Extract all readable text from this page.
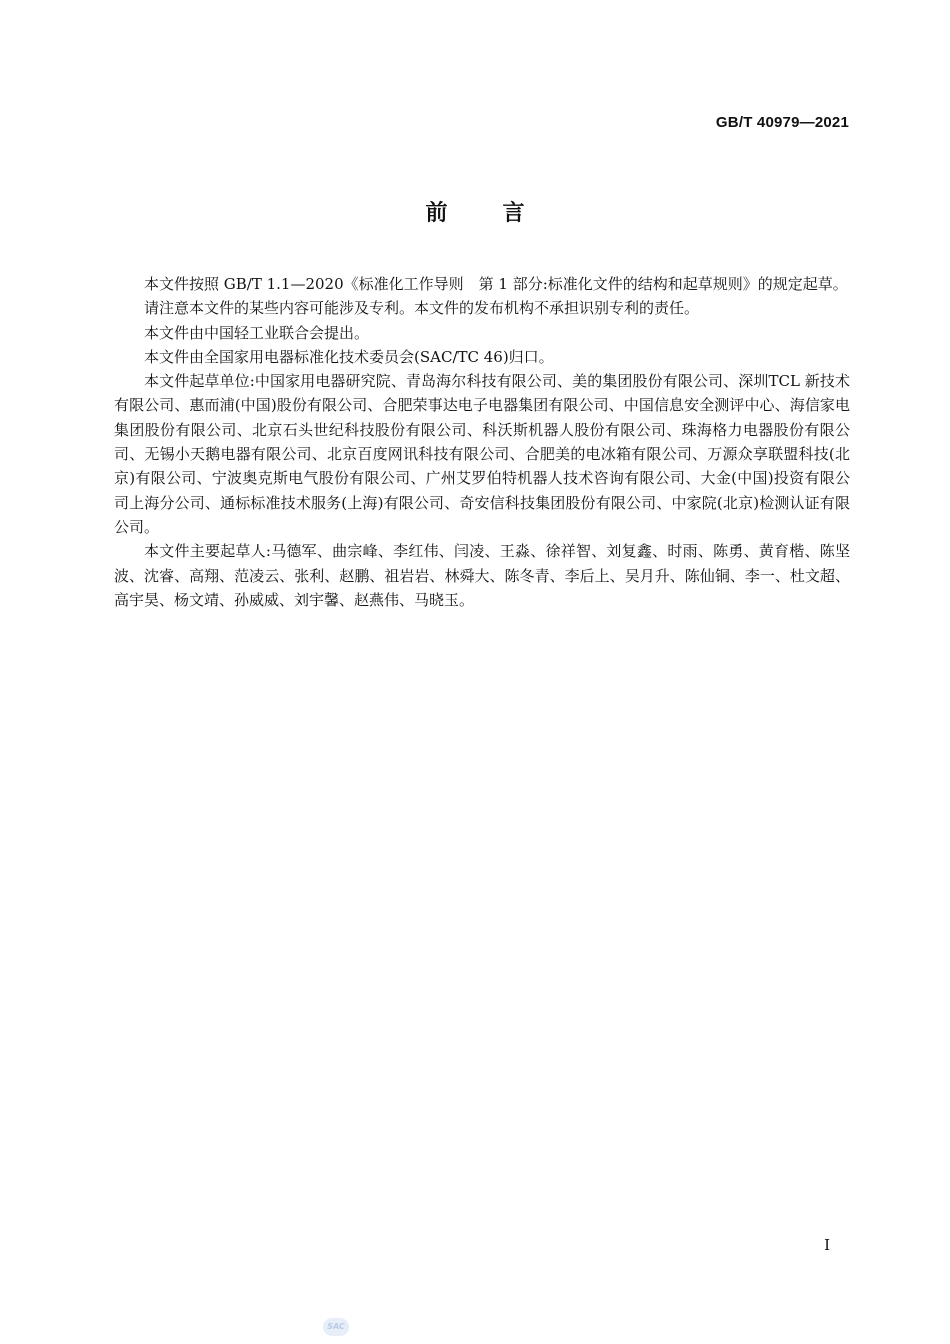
GB/T 40979—2021
前言

本文件按照 GB/T 1.1—2020《标准化工作导则　第 1 部分:标准化文件的结构和起草规则》的规定起草。

请注意本文件的某些内容可能涉及专利。本文件的发布机构不承担识别专利的责任。

本文件由中国轻工业联合会提出。

本文件由全国家用电器标准化技术委员会(SAC/TC 46)归口。

本文件起草单位:中国家用电器研究院、青岛海尔科技有限公司、美的集团股份有限公司、深圳TCL 新技术有限公司、惠而浦(中国)股份有限公司、合肥荣事达电子电器集团有限公司、中国信息安全测评中心、海信家电集团股份有限公司、北京石头世纪科技股份有限公司、科沃斯机器人股份有限公司、珠海格力电器股份有限公司、无锡小天鹅电器有限公司、北京百度网讯科技有限公司、合肥美的电冰箱有限公司、万源众享联盟科技(北京)有限公司、宁波奥克斯电气股份有限公司、广州艾罗伯特机器人技术咨询有限公司、大金(中国)投资有限公司上海分公司、通标标准技术服务(上海)有限公司、奇安信科技集团股份有限公司、中家院(北京)检测认证有限公司。

本文件主要起草人:马德军、曲宗峰、李红伟、闫凌、王淼、徐祥智、刘复鑫、时雨、陈勇、黄育楷、陈坚波、沈睿、高翔、范凌云、张利、赵鹏、祖岩岩、林舜大、陈冬青、李后上、吴月升、陈仙铜、李一、杜文超、高宇昊、杨文靖、孙威威、刘宇馨、赵燕伟、马晓玉。

I
SAC
